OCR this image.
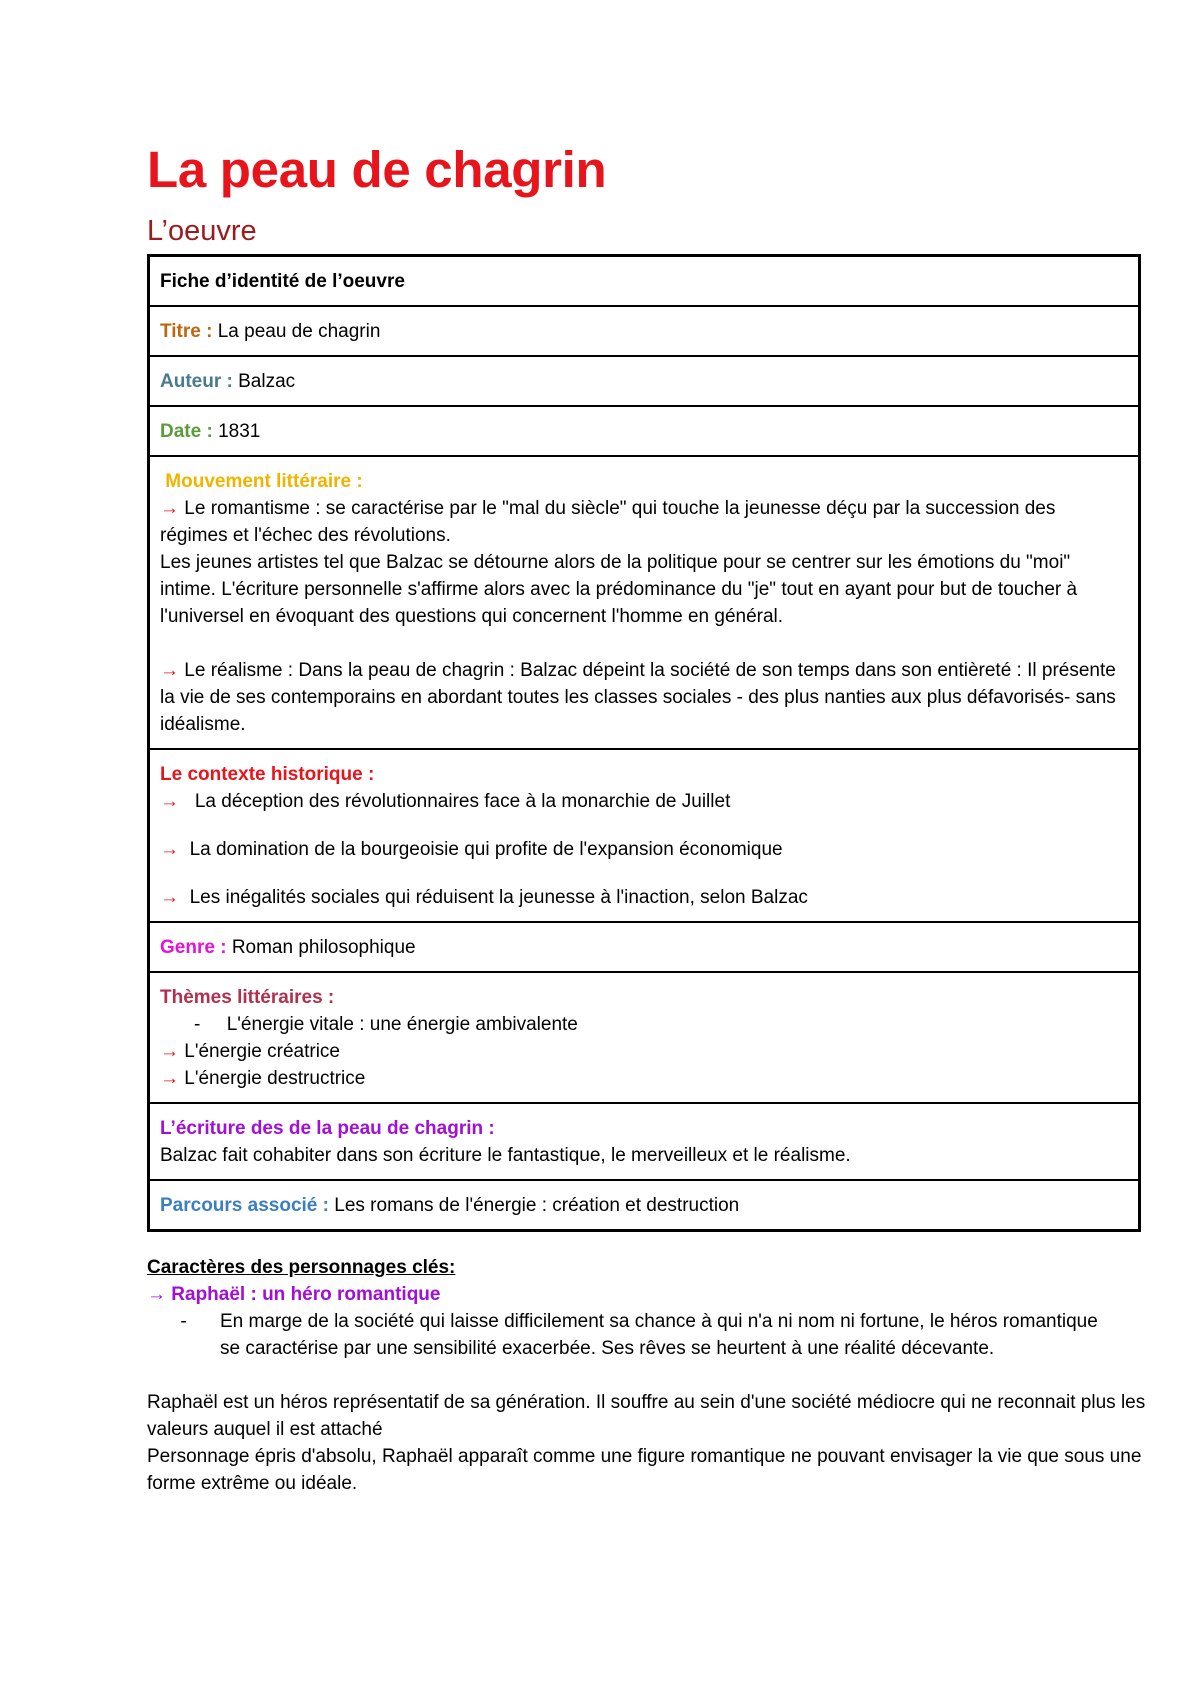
La peau de chagrin
L’oeuvre
Fiche d’identité de l’oeuvre
Titre : La peau de chagrin
Auteur : Balzac
Date : 1831

Mouvement littéraire :
→ Le romantisme : se caractérise par le "mal du siècle" qui touche la jeunesse déçu par la succession des régimes et l'échec des révolutions.
Les jeunes artistes tel que Balzac se détourne alors de la politique pour se centrer sur les émotions du "moi" intime. L'écriture personnelle s'affirme alors avec la prédominance du "je" tout en ayant pour but de toucher à l'universel en évoquant des questions qui concernent l'homme en général.
→ Le réalisme : Dans la peau de chagrin : Balzac dépeint la société de son temps dans son entièreté : Il présente la vie de ses contemporains en abordant toutes les classes sociales - des plus nanties aux plus défavorisés- sans idéalisme.

Le contexte historique :
→ La déception des révolutionnaires face à la monarchie de Juillet
→ La domination de la bourgeoisie qui profite de l'expansion économique
→ Les inégalités sociales qui réduisent la jeunesse à l'inaction, selon Balzac

Genre : Roman philosophique

Thèmes littéraires :
- L'énergie vitale : une énergie ambivalente
→ L'énergie créatrice
→ L'énergie destructrice

L’écriture des de la peau de chagrin :
Balzac fait cohabiter dans son écriture le fantastique, le merveilleux et le réalisme.

Parcours associé : Les romans de l'énergie : création et destruction
Caractères des personnages clés:
→ Raphaël : un héro romantique
-	En marge de la société qui laisse difficilement sa chance à qui n'a ni nom ni fortune, le héros romantique se caractérise par une sensibilité exacerbée. Ses rêves se heurtent à une réalité décevante.
Raphaël est un héros représentatif de sa génération. Il souffre au sein d'une société médiocre qui ne reconnait plus les valeurs auquel il est attaché
Personnage épris d'absolu, Raphaël apparaît comme une figure romantique ne pouvant envisager la vie que sous une forme extrême ou idéale.
